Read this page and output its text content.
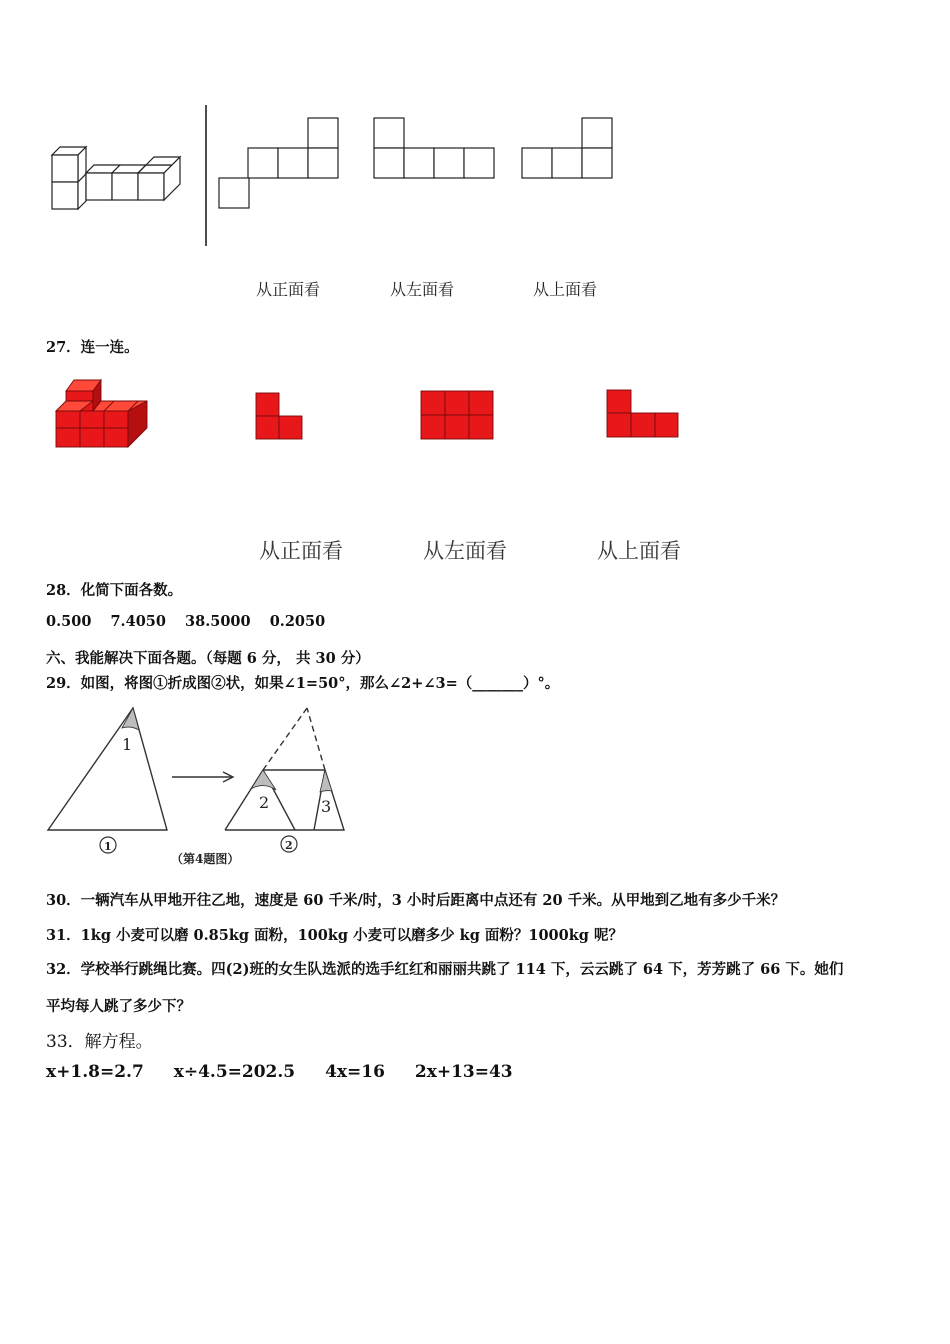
从正面看	从左面看	从上面看
27．连一连。
从正面看	从左面看	从上面看
28．化简下面各数。
0.500 7.4050 38.5000 0.2050
六、我能解决下面各题。（每题 6 分， 共 30 分）
29．如图，将图①折成图②状，如果∠1=50°，那么∠2+∠3=（_______）°。
1
2	3
1	2
（第4题图）
30．一辆汽车从甲地开往乙地，速度是 60 千米/时，3 小时后距离中点还有 20 千米。从甲地到乙地有多少千米？
31．1kg 小麦可以磨 0.85kg 面粉，100kg 小麦可以磨多少 kg 面粉？1000kg 呢？
32．学校举行跳绳比赛。四(2)班的女生队选派的选手红红和丽丽共跳了 114 下，云云跳了 64 下，芳芳跳了 66 下。她们
平均每人跳了多少下？
33．解方程。
x+1.8=2.7 x÷4.5=202.5 4x=16 2x+13=43
